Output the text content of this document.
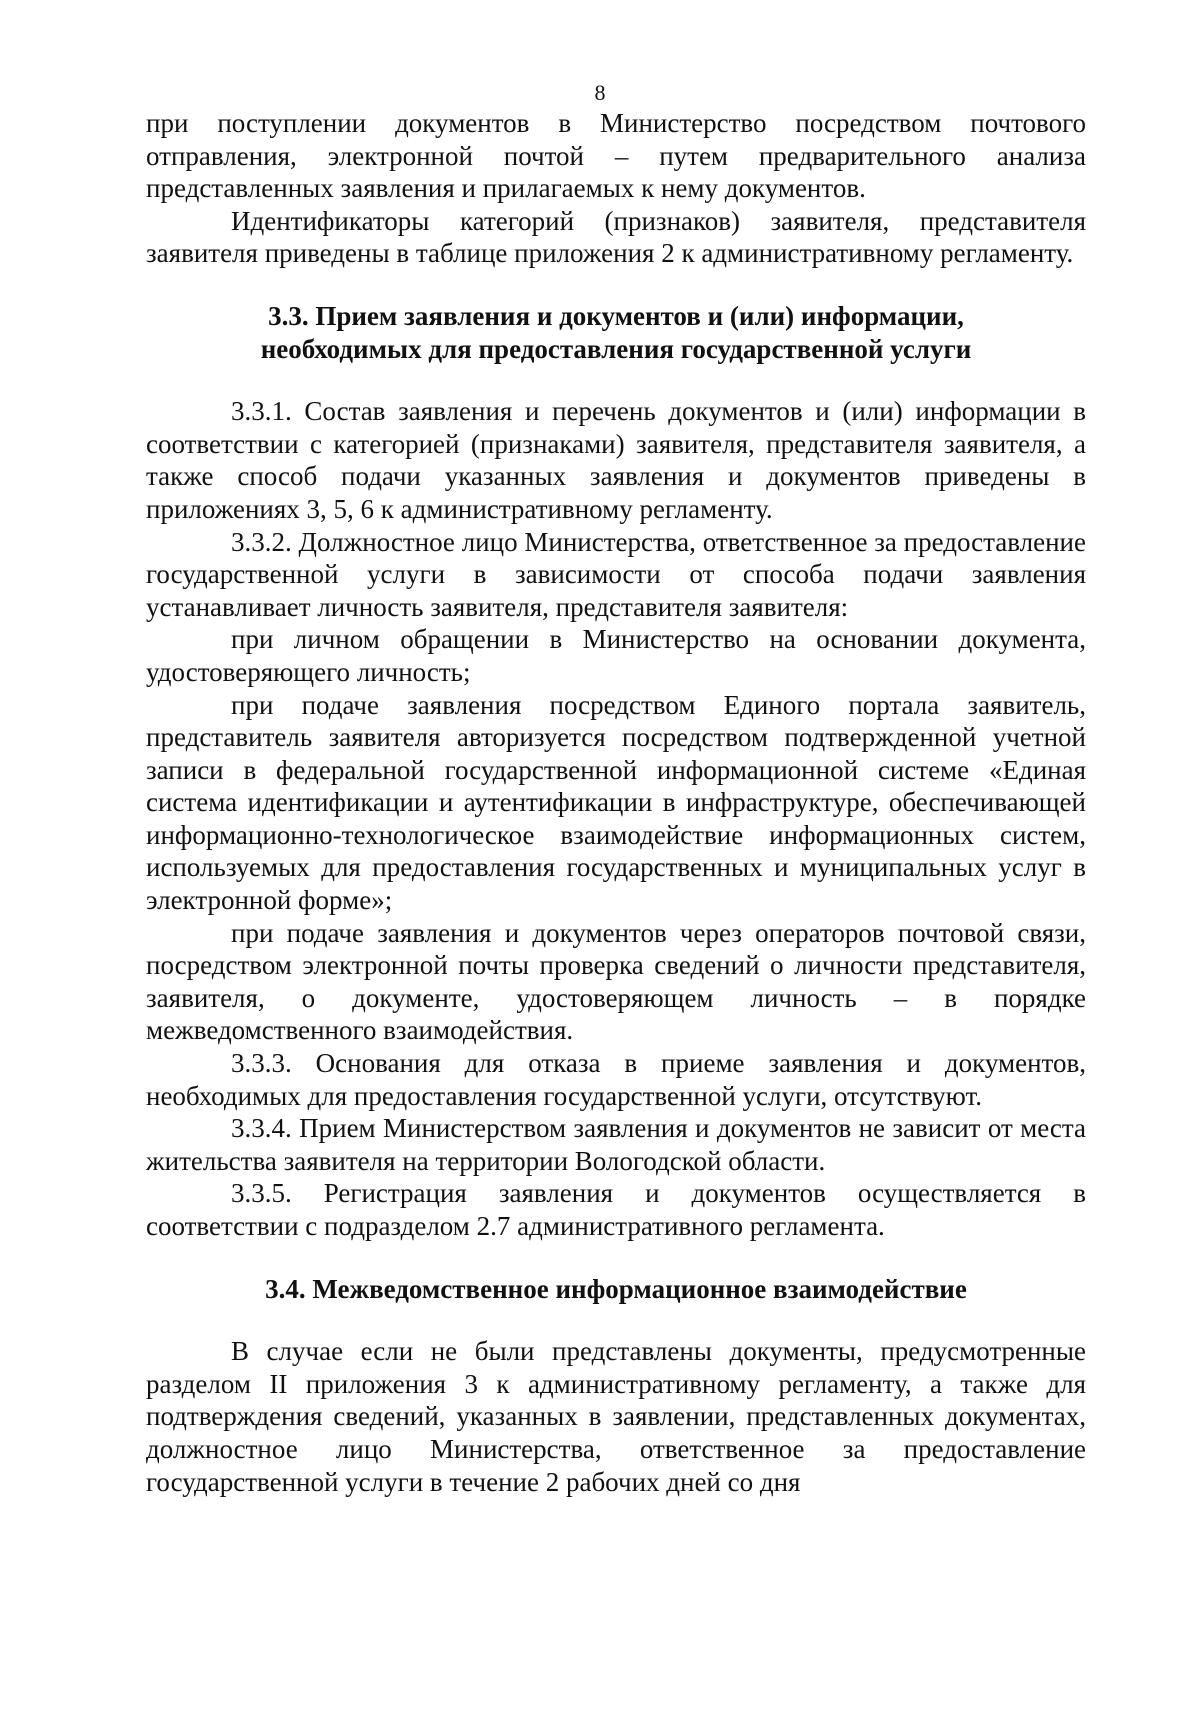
8

при поступлении документов в Министерство посредством почтового отправления, электронной почтой – путем предварительного анализа представленных заявления и прилагаемых к нему документов.

Идентификаторы категорий (признаков) заявителя, представителя заявителя приведены в таблице приложения 2 к административному регламенту.

3.3. Прием заявления и документов и (или) информации, необходимых для предоставления государственной услуги

3.3.1. Состав заявления и перечень документов и (или) информации в соответствии с категорией (признаками) заявителя, представителя заявителя, а также способ подачи указанных заявления и документов приведены в приложениях 3, 5, 6 к административному регламенту.

3.3.2. Должностное лицо Министерства, ответственное за предоставление государственной услуги в зависимости от способа подачи заявления устанавливает личность заявителя, представителя заявителя:

при личном обращении в Министерство на основании документа, удостоверяющего личность;

при подаче заявления посредством Единого портала заявитель, представитель заявителя авторизуется посредством подтвержденной учетной записи в федеральной государственной информационной системе «Единая система идентификации и аутентификации в инфраструктуре, обеспечивающей информационно-технологическое взаимодействие информационных систем, используемых для предоставления государственных и муниципальных услуг в электронной форме»;

при подаче заявления и документов через операторов почтовой связи, посредством электронной почты проверка сведений о личности представителя, заявителя, о документе, удостоверяющем личность – в порядке межведомственного взаимодействия.

3.3.3. Основания для отказа в приеме заявления и документов, необходимых для предоставления государственной услуги, отсутствуют.

3.3.4. Прием Министерством заявления и документов не зависит от места жительства заявителя на территории Вологодской области.

3.3.5. Регистрация заявления и документов осуществляется в соответствии с подразделом 2.7 административного регламента.

3.4. Межведомственное информационное взаимодействие

В случае если не были представлены документы, предусмотренные разделом II приложения 3 к административному регламенту, а также для подтверждения сведений, указанных в заявлении, представленных документах, должностное лицо Министерства, ответственное за предоставление государственной услуги в течение 2 рабочих дней со дня
